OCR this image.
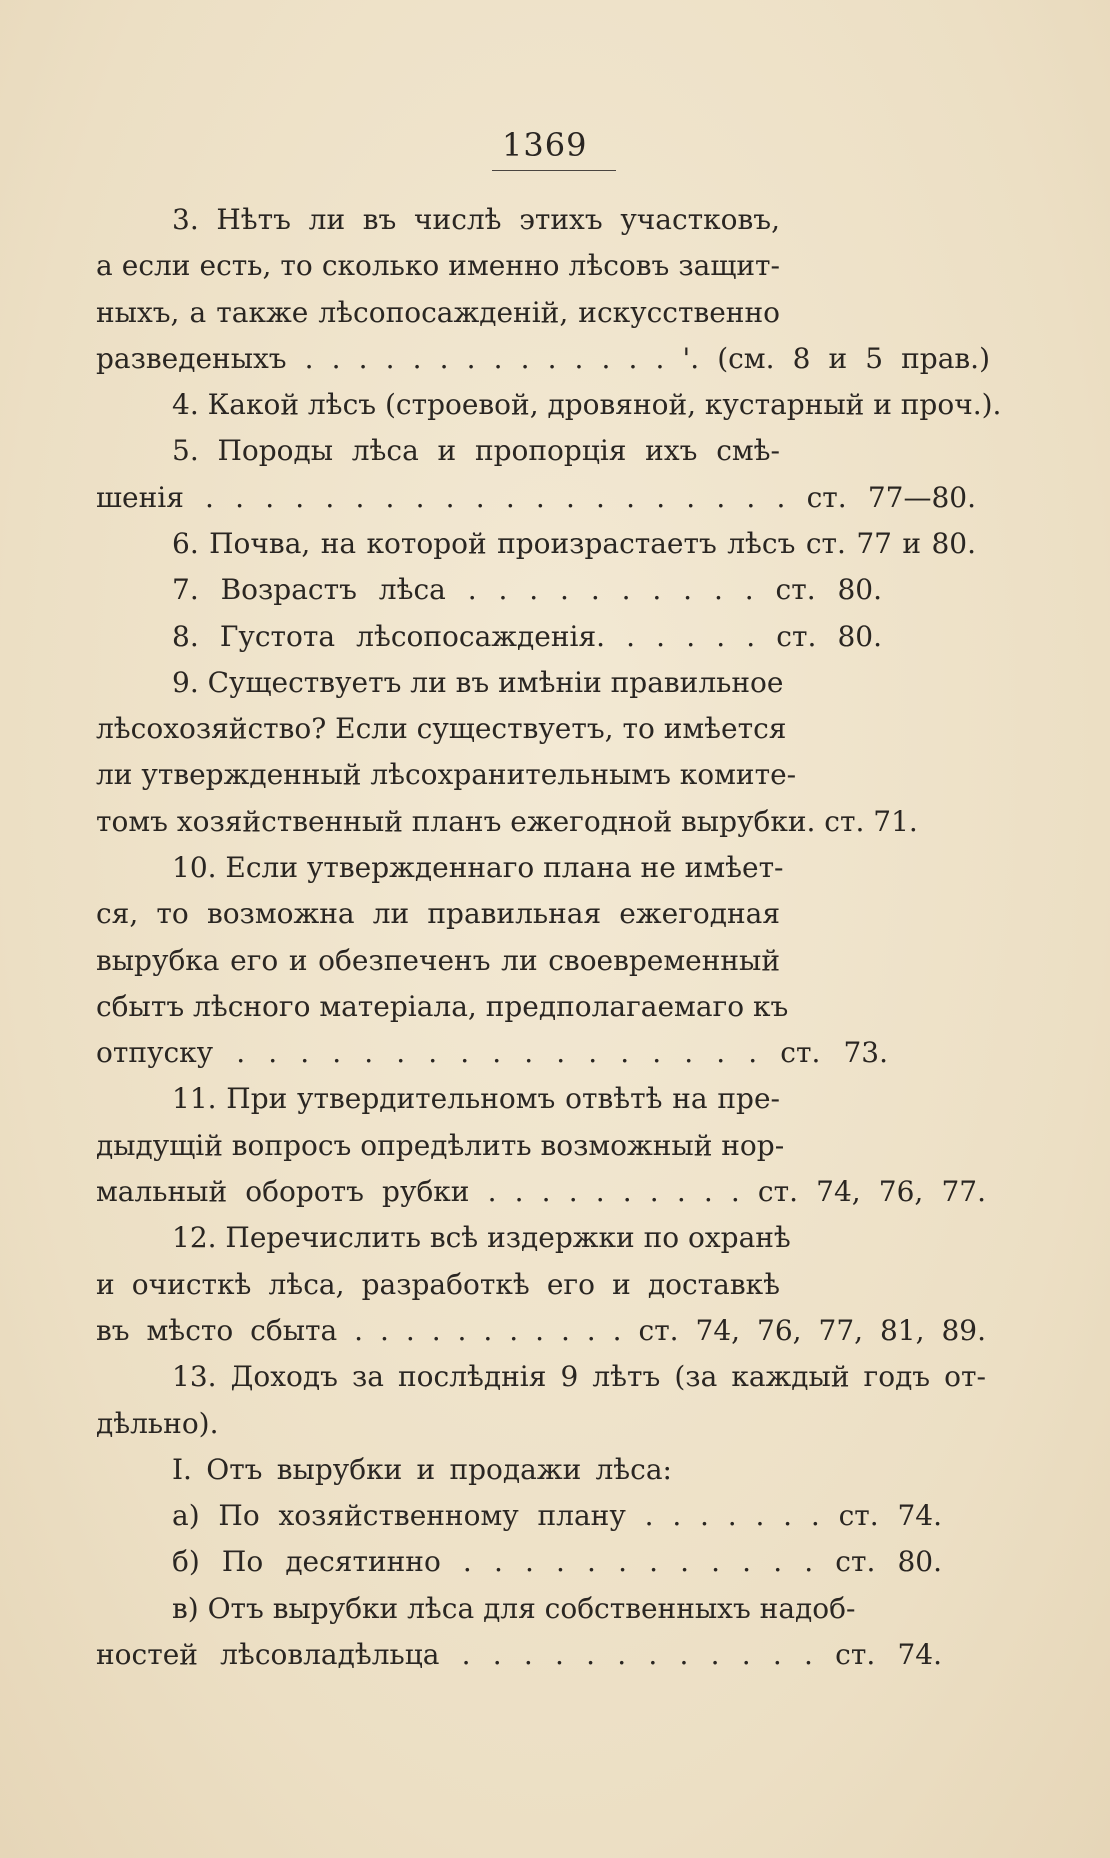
1369
3. Нѣтъ ли въ числѣ этихъ участковъ,
а если есть, то сколько именно лѣсовъ защит-
ныхъ, а также лѣсопосажденій, искусственно
разведеныхъ . . . . . . . . . . . . . . '. (см. 8 и 5 прав.)
4. Какой лѣсъ (строевой, дровяной, кустарный и проч.).
5. Породы лѣса и пропорція ихъ смѣ-
шенія . . . . . . . . . . . . . . . . . . . . ст. 77—80.
6. Почва, на которой произрастаетъ лѣсъ ст. 77 и 80.
7. Возрастъ лѣса . . . . . . . . . . ст. 80.
8. Густота лѣсопосажденія. . . . . . ст. 80.
9. Существуетъ ли въ имѣніи правильное
лѣсохозяйство? Если существуетъ, то имѣется
ли утвержденный лѣсохранительнымъ комите-
томъ хозяйственный планъ ежегодной вырубки. ст. 71.
10. Если утвержденнаго плана не имѣет-
ся, то возможна ли правильная ежегодная
вырубка его и обезпеченъ ли своевременный
сбытъ лѣсного матеріала, предполагаемаго къ
отпуску . . . . . . . . . . . . . . . . . ст. 73.
11. При утвердительномъ отвѣтѣ на пре-
дыдущій вопросъ опредѣлить возможный нор-
мальный оборотъ рубки . . . . . . . . . . ст. 74, 76, 77.
12. Перечислить всѣ издержки по охранѣ
и очисткѣ лѣса, разработкѣ его и доставкѣ
въ мѣсто сбыта . . . . . . . . . . . ст. 74, 76, 77, 81, 89.
13. Доходъ за послѣднія 9 лѣтъ (за каждый годъ от-
дѣльно).
I. Отъ вырубки и продажи лѣса:
а) По хозяйственному плану . . . . . . . ст. 74.
б) По десятинно . . . . . . . . . . . . ст. 80.
в) Отъ вырубки лѣса для собственныхъ надоб-
ностей лѣсовладѣльца . . . . . . . . . . . . ст. 74.
